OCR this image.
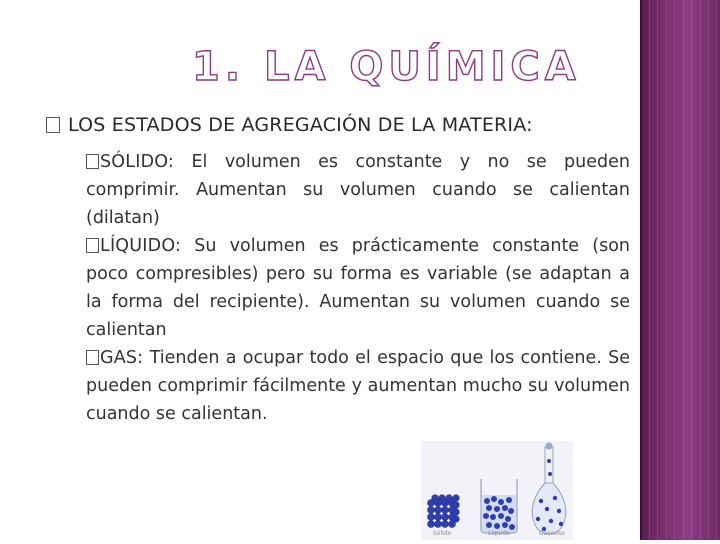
1. LA QUÍMICA
LOS ESTADOS DE AGREGACIÓN DE LA MATERIA:
SÓLIDO: El volumen es constante y no se pueden comprimir. Aumentan su volumen cuando se calientan (dilatan)
LÍQUIDO: Su volumen es prácticamente constante (son poco compresibles) pero su forma es variable (se adaptan a la forma del recipiente). Aumentan su volumen cuando se calientan
GAS: Tienden a ocupar todo el espacio que los contiene. Se pueden comprimir fácilmente y aumentan mucho su volumen cuando se calientan.
Sólido	Líquido	Gaseoso
